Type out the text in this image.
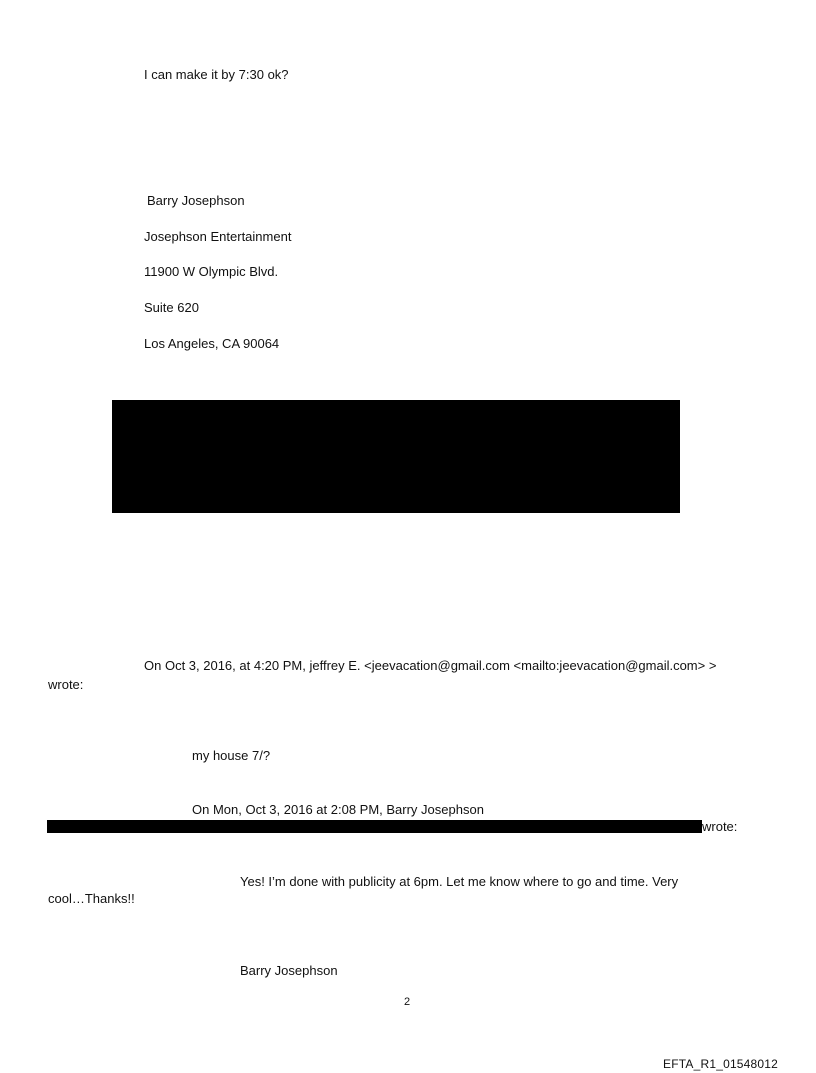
I can make it by 7:30 ok?
Barry Josephson
Josephson Entertainment
11900 W Olympic Blvd.
Suite 620
Los Angeles, CA 90064
On Oct 3, 2016, at 4:20 PM, jeffrey E. <jeevacation@gmail.com <mailto:jeevacation@gmail.com> >
wrote:
my house 7/?
On Mon, Oct 3, 2016 at 2:08 PM, Barry Josephson
wrote:
Yes! I’m done with publicity at 6pm. Let me know where to go and time. Very
cool…Thanks!!
Barry Josephson
2
EFTA_R1_01548012
